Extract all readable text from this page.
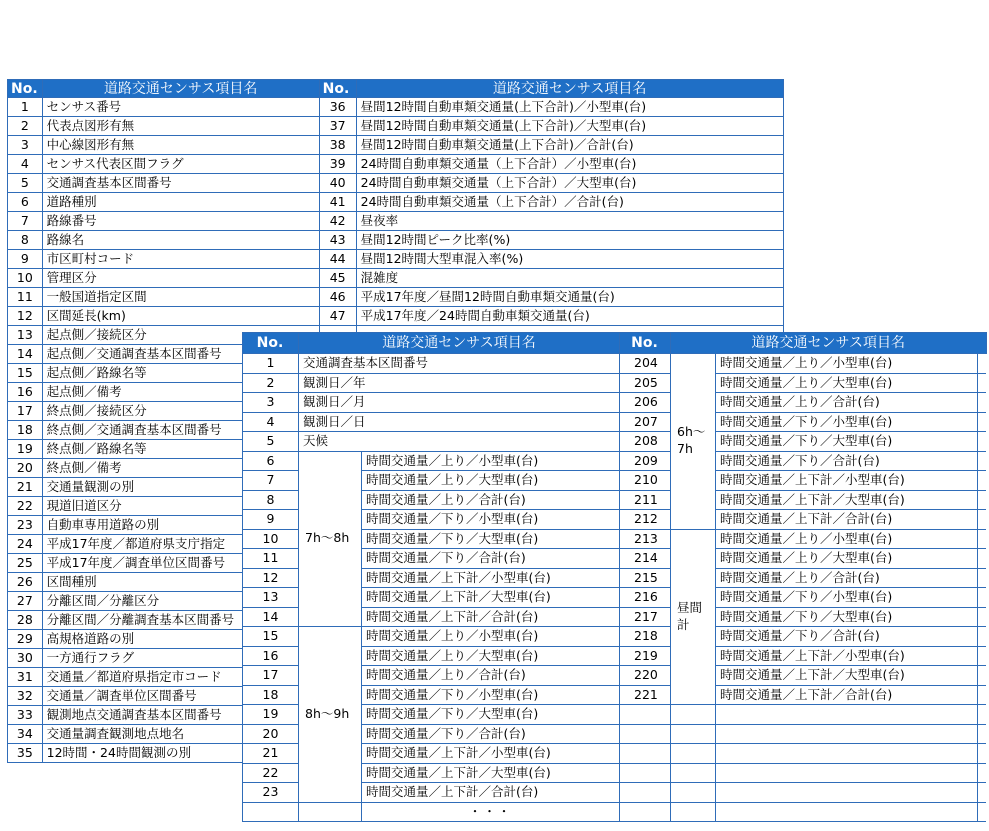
No.	道路交通センサス項目名	No.	道路交通センサス項目名
1	センサス番号	36	昼間12時間自動車類交通量(上下合計)／小型車(台)
2	代表点図形有無	37	昼間12時間自動車類交通量(上下合計)／大型車(台)
3	中心線図形有無	38	昼間12時間自動車類交通量(上下合計)／合計(台)
4	センサス代表区間フラグ	39	24時間自動車類交通量（上下合計）／小型車(台)
5	交通調査基本区間番号	40	24時間自動車類交通量（上下合計）／大型車(台)
6	道路種別	41	24時間自動車類交通量（上下合計）／合計(台)
7	路線番号	42	昼夜率
8	路線名	43	昼間12時間ピーク比率(%)
9	市区町村コード	44	昼間12時間大型車混入率(%)
10	管理区分	45	混雑度
11	一般国道指定区間	46	平成17年度／昼間12時間自動車類交通量(台)
12	区間延長(km)	47	平成17年度／24時間自動車類交通量(台)
13	起点側／接続区分		
14	起点側／交通調査基本区間番号		
15	起点側／路線名等		
16	起点側／備考		
17	終点側／接続区分		
18	終点側／交通調査基本区間番号		
19	終点側／路線名等		
20	終点側／備考		
21	交通量観測の別		
22	現道旧道区分		
23	自動車専用道路の別		
24	平成17年度／都道府県支庁指定		
25	平成17年度／調査単位区間番号		
26	区間種別		
27	分離区間／分離区分		
28	分離区間／分離調査基本区間番号		
29	高規格道路の別		
30	一方通行フラグ		
31	交通量／都道府県指定市コード		
32	交通量／調査単位区間番号		
33	観測地点交通調査基本区間番号		
34	交通量調査観測地点地名		
35	12時間・24時間観測の別		
No.	道路交通センサス項目名		No.	道路交通センサス項目名		
1	交通調査基本区間番号		204	6h～7h	時間交通量／上り／小型車(台)	
2	観測日／年		205		時間交通量／上り／大型車(台)	
3	観測日／月		206		時間交通量／上り／合計(台)	
4	観測日／日		207		時間交通量／下り／小型車(台)	
5	天候		208		時間交通量／下り／大型車(台)	
6	7h～8h	時間交通量／上り／小型車(台)	209		時間交通量／下り／合計(台)	
7		時間交通量／上り／大型車(台)	210		時間交通量／上下計／小型車(台)	
8		時間交通量／上り／合計(台)	211		時間交通量／上下計／大型車(台)	
9		時間交通量／下り／小型車(台)	212		時間交通量／上下計／合計(台)	
10		時間交通量／下り／大型車(台)	213	昼間計	時間交通量／上り／小型車(台)	
11		時間交通量／下り／合計(台)	214		時間交通量／上り／大型車(台)	
12		時間交通量／上下計／小型車(台)	215		時間交通量／上り／合計(台)	
13		時間交通量／上下計／大型車(台)	216		時間交通量／下り／小型車(台)	
14		時間交通量／上下計／合計(台)	217		時間交通量／下り／大型車(台)	
15	8h～9h	時間交通量／上り／小型車(台)	218		時間交通量／下り／合計(台)	
16		時間交通量／上り／大型車(台)	219		時間交通量／上下計／小型車(台)	
17		時間交通量／上り／合計(台)	220		時間交通量／上下計／大型車(台)	
18		時間交通量／下り／小型車(台)	221		時間交通量／上下計／合計(台)	
19		時間交通量／下り／大型車(台)				
20		時間交通量／下り／合計(台)				
21		時間交通量／上下計／小型車(台)				
22		時間交通量／上下計／大型車(台)				
23		時間交通量／上下計／合計(台)				
		・・・				
